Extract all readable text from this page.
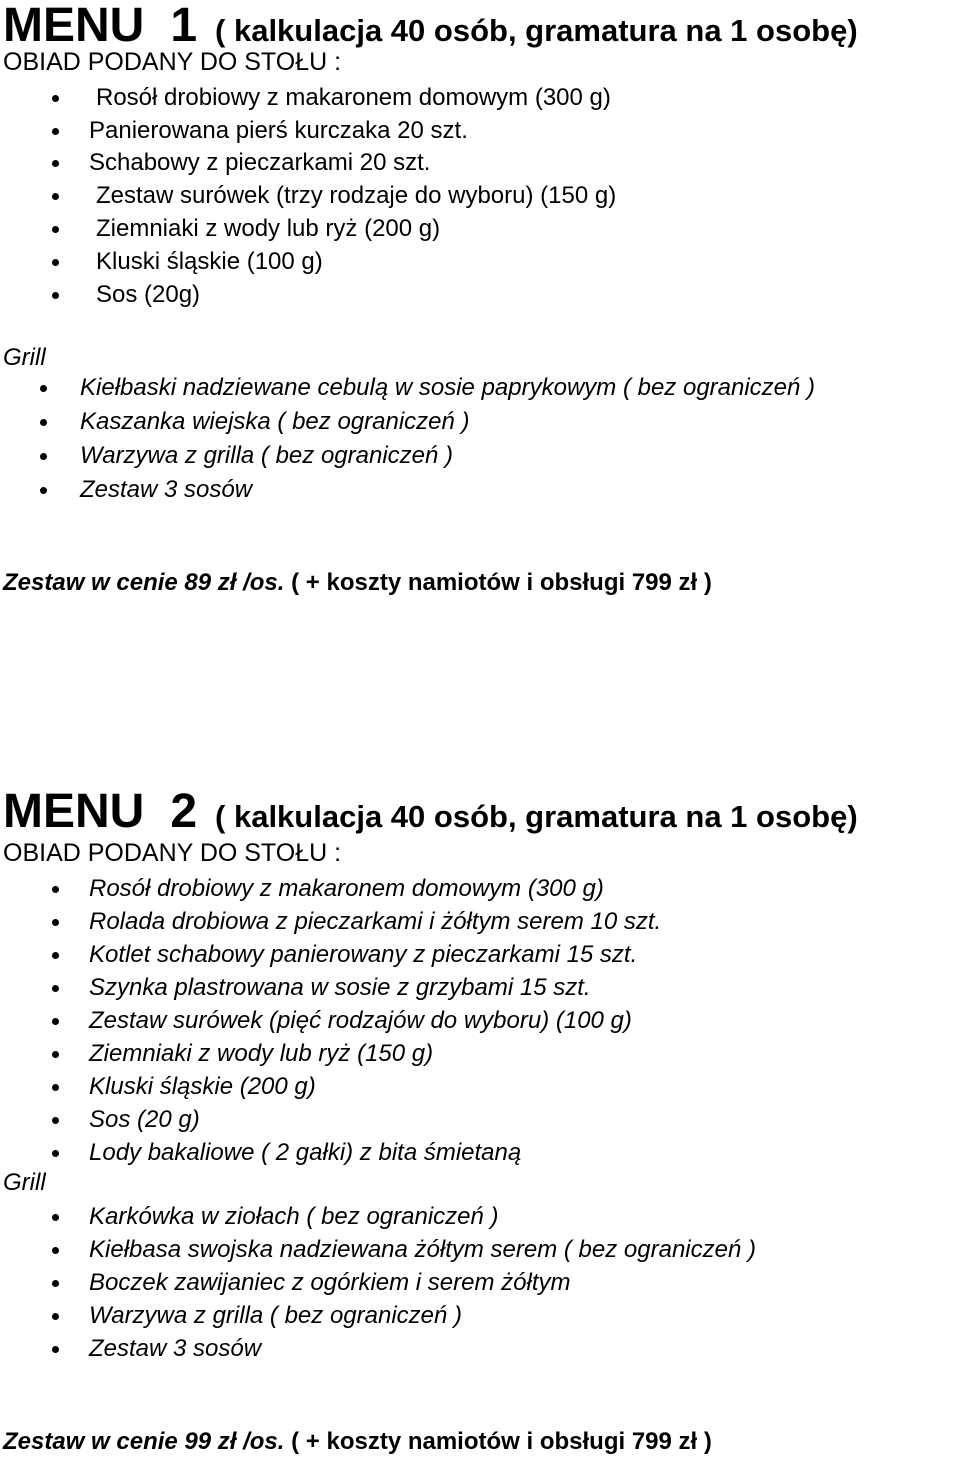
MENU 1 ( kalkulacja 40 osób, gramatura na 1 osobę)
OBIAD PODANY DO STOŁU :
Rosół drobiowy z makaronem domowym (300 g)
Panierowana pierś kurczaka 20 szt.
Schabowy z pieczarkami 20 szt.
Zestaw surówek (trzy rodzaje do wyboru) (150 g)
Ziemniaki z wody lub ryż (200 g)
Kluski śląskie (100 g)
Sos (20g)
Grill
Kiełbaski nadziewane cebulą w sosie paprykowym ( bez ograniczeń )
Kaszanka wiejska ( bez ograniczeń )
Warzywa z grilla ( bez ograniczeń )
Zestaw 3 sosów
Zestaw w cenie 89 zł /os. ( + koszty namiotów i obsługi 799 zł )
MENU 2 ( kalkulacja 40 osób, gramatura na 1 osobę)
OBIAD PODANY DO STOŁU :
Rosół drobiowy z makaronem domowym (300 g)
Rolada drobiowa z pieczarkami i żółtym serem 10 szt.
Kotlet schabowy panierowany z pieczarkami 15 szt.
Szynka plastrowana w sosie z grzybami 15 szt.
Zestaw surówek (pięć rodzajów do wyboru) (100 g)
Ziemniaki z wody lub ryż (150 g)
Kluski śląskie (200 g)
Sos (20 g)
Lody bakaliowe ( 2 gałki) z bita śmietaną
Grill
Karkówka w ziołach ( bez ograniczeń )
Kiełbasa swojska nadziewana żółtym serem ( bez ograniczeń )
Boczek zawijaniec z ogórkiem i serem żółtym
Warzywa z grilla ( bez ograniczeń )
Zestaw 3 sosów
Zestaw w cenie 99 zł /os. ( + koszty namiotów i obsługi 799 zł )
